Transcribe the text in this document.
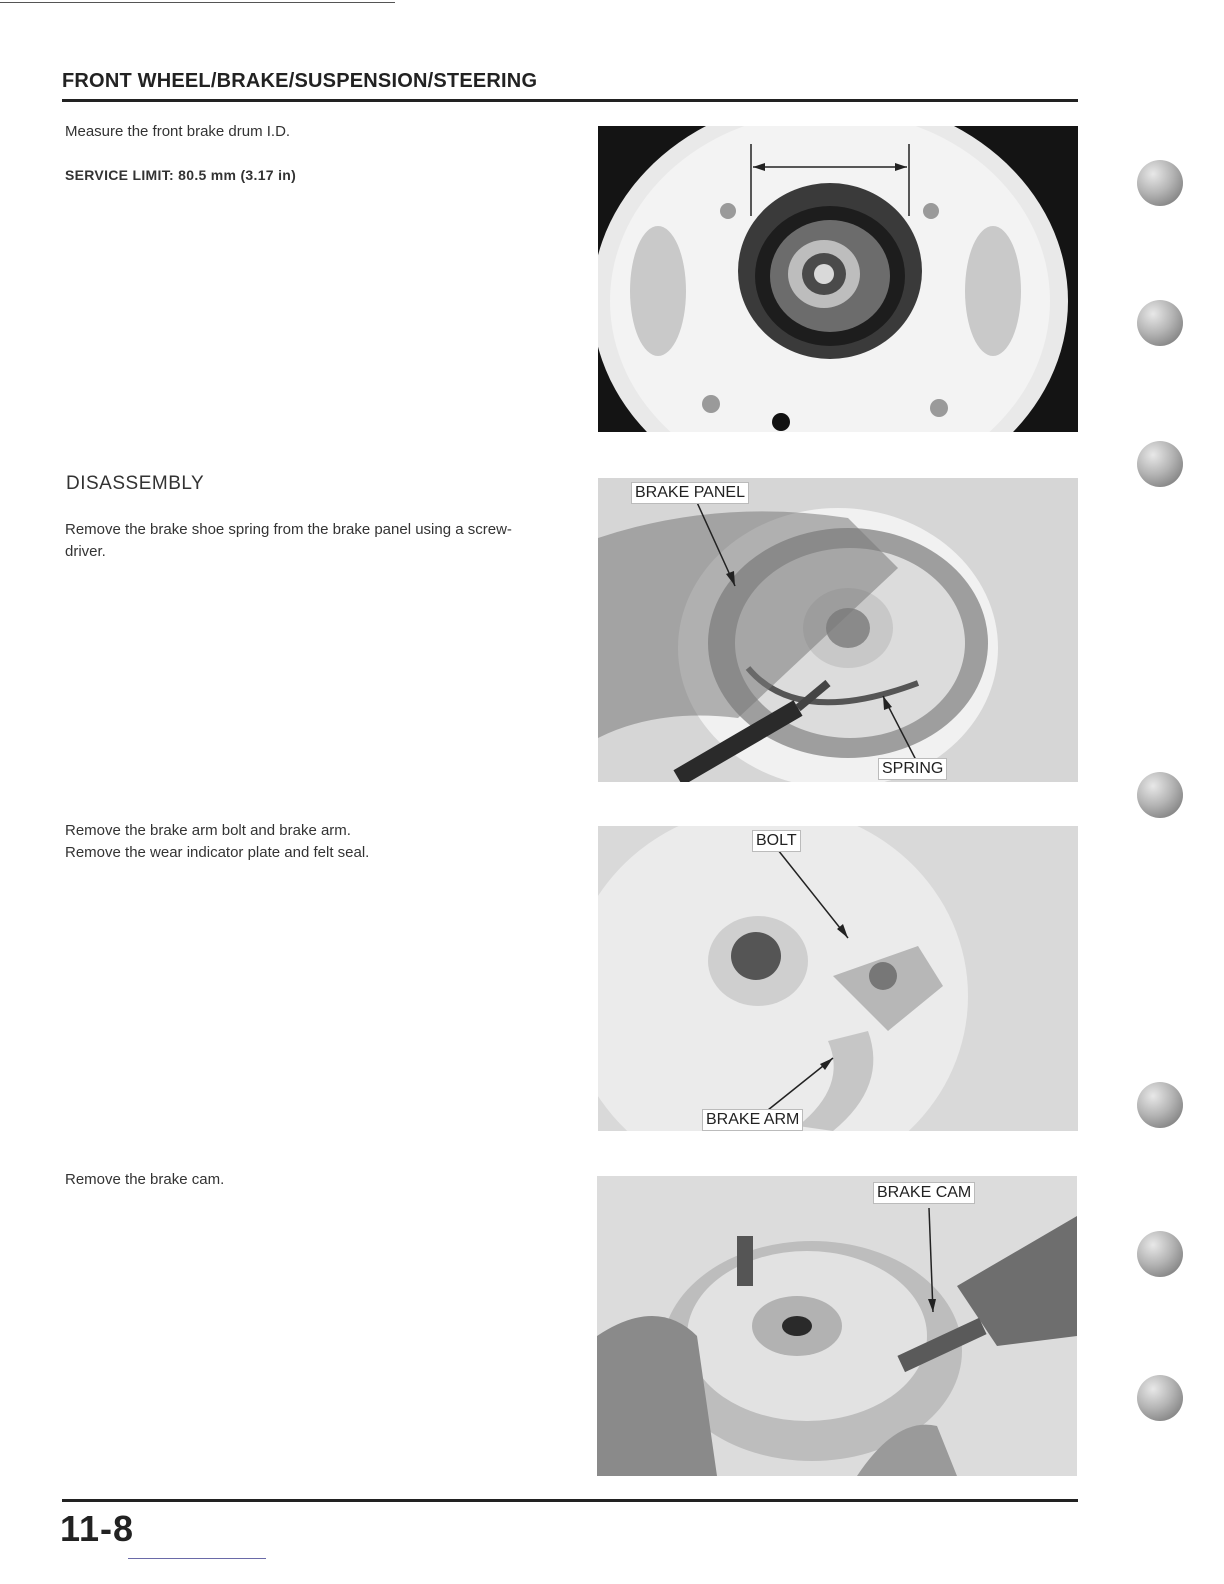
FRONT WHEEL/BRAKE/SUSPENSION/STEERING
Measure the front brake drum I.D.
SERVICE LIMIT: 80.5 mm (3.17 in)
DISASSEMBLY
Remove the brake shoe spring from the brake panel using a screw-
driver.
BRAKE PANEL
SPRING
Remove the brake arm bolt and brake arm.
Remove the wear indicator plate and felt seal.
BOLT
BRAKE ARM
Remove the brake cam.
BRAKE CAM
11-8
